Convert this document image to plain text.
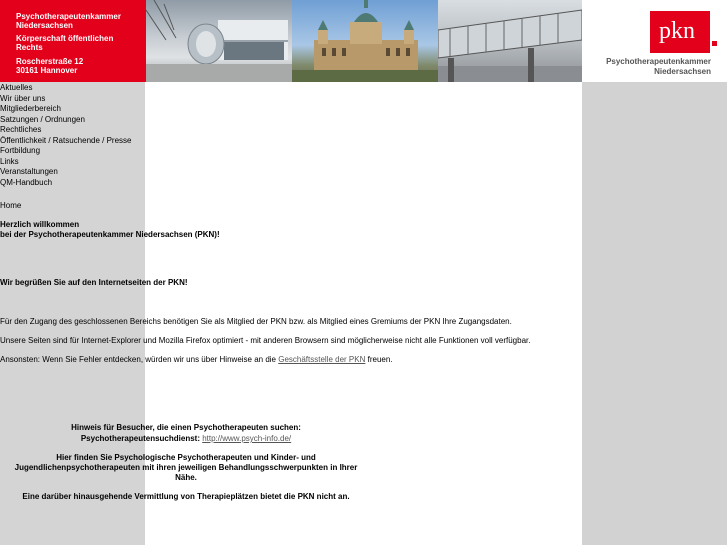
Psychotherapeutenkammer
Niedersachsen
Körperschaft öffentlichen
Rechts
Roscherstraße 12
30161 Hannover
pkn
Psychotherapeutenkammer
Niedersachsen
Aktuelles
Wir über uns
Mitgliederbereich
Satzungen / Ordnungen
Rechtliches
Öffentlichkeit / Ratsuchende / Presse
Fortbildung
Links
Veranstaltungen
QM-Handbuch
Home
Herzlich willkommen
bei der Psychotherapeutenkammer Niedersachsen (PKN)!
Wir begrüßen Sie auf den Internetseiten der PKN!
Für den Zugang des geschlossenen Bereichs benötigen Sie als Mitglied der PKN bzw. als Mitglied eines Gremiums der PKN Ihre Zugangsdaten.
Unsere Seiten sind für Internet-Explorer und Mozilla Firefox optimiert - mit anderen Browsern sind möglicherweise nicht alle Funktionen voll verfügbar.
Ansonsten: Wenn Sie Fehler entdecken, würden wir uns über Hinweise an die Geschäftsstelle der PKN freuen.
Hinweis für Besucher, die einen Psychotherapeuten suchen:
Psychotherapeutensuchdienst: http://www.psych-info.de/
Hier finden Sie Psychologische Psychotherapeuten und Kinder- und
Jugendlichenpsychotherapeuten mit ihren jeweiligen Behandlungsschwerpunkten in Ihrer
Nähe.
Eine darüber hinausgehende Vermittlung von Therapieplätzen bietet die PKN nicht an.
